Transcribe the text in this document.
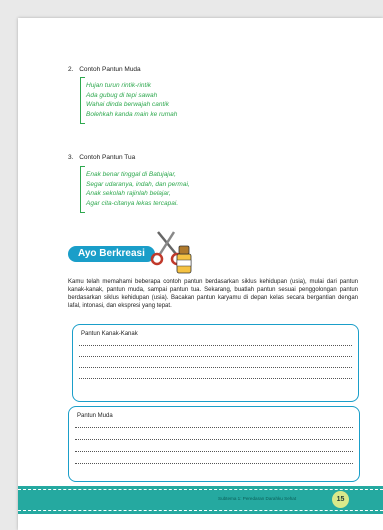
2. Contoh Pantun Muda
Hujan turun rintik-rintik
Ada gubug di tepi sawah
Wahai dinda berwajah cantik
Bolehkah kanda main ke rumah
3. Contoh Pantun Tua
Enak benar tinggal di Batujajar,
Segar udaranya, indah, dan permai,
Anak sekolah rajinlah belajar,
Agar cita-citanya lekas tercapai.
Ayo Berkreasi
Kamu telah memahami beberapa contoh pantun berdasarkan siklus kehidupan (usia), mulai dari pantun kanak-kanak, pantun muda, sampai pantun tua. Sekarang, buatlah pantun sesuai penggolongan pantun berdasarkan siklus kehidupan (usia). Bacakan pantun karyamu di depan kelas secara bergantian dengan lafal, intonasi, dan ekspresi yang tepat.
Pantun Kanak-Kanak
Pantun Muda
Subtema 1: Peredaran Darahku Sehat	15
